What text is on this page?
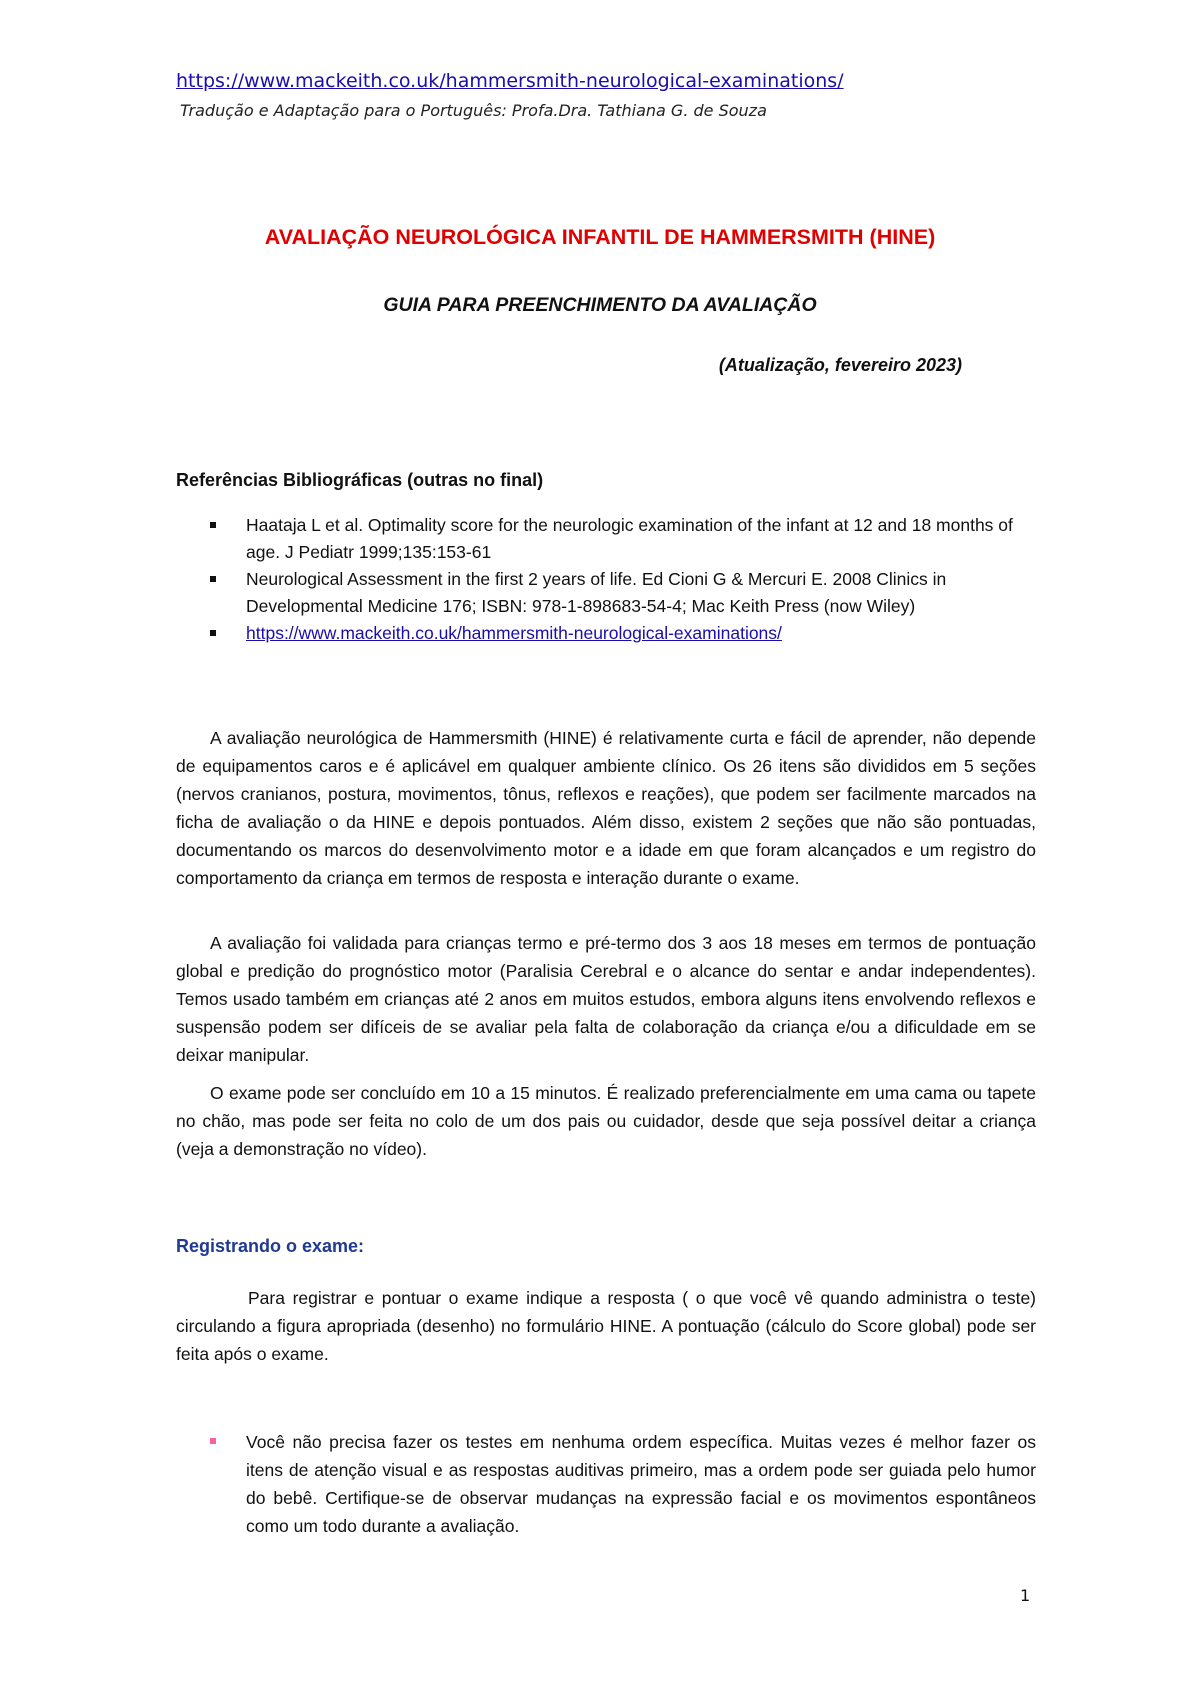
https://www.mackeith.co.uk/hammersmith-neurological-examinations/
Tradução e Adaptação para o Português: Profa.Dra. Tathiana G. de Souza
AVALIAÇÃO NEUROLÓGICA INFANTIL DE HAMMERSMITH (HINE)
GUIA PARA PREENCHIMENTO DA AVALIAÇÃO
(Atualização, fevereiro 2023)
Referências Bibliográficas (outras no final)
Haataja L et al. Optimality score for the neurologic examination of the infant at 12 and 18 months of age. J Pediatr 1999;135:153-61
Neurological Assessment in the first 2 years of life. Ed Cioni G & Mercuri E. 2008 Clinics in Developmental Medicine 176; ISBN: 978-1-898683-54-4; Mac Keith Press (now Wiley)
https://www.mackeith.co.uk/hammersmith-neurological-examinations/

A avaliação neurológica de Hammersmith (HINE) é relativamente curta e fácil de aprender, não depende de equipamentos caros e é aplicável em qualquer ambiente clínico. Os 26 itens são divididos em 5 seções (nervos cranianos, postura, movimentos, tônus, reflexos e reações), que podem ser facilmente marcados na ficha de avaliação o da HINE e depois pontuados. Além disso, existem 2 seções que não são pontuadas, documentando os marcos do desenvolvimento motor e a idade em que foram alcançados e um registro do comportamento da criança em termos de resposta e interação durante o exame.

A avaliação foi validada para crianças termo e pré-termo dos 3 aos 18 meses em termos de pontuação global e predição do prognóstico motor (Paralisia Cerebral e o alcance do sentar e andar independentes). Temos usado também em crianças até 2 anos em muitos estudos, embora alguns itens envolvendo reflexos e suspensão podem ser difíceis de se avaliar pela falta de colaboração da criança e/ou a dificuldade em se deixar manipular.

O exame pode ser concluído em 10 a 15 minutos. É realizado preferencialmente em uma cama ou tapete no chão, mas pode ser feita no colo de um dos pais ou cuidador, desde que seja possível deitar a criança (veja a demonstração no vídeo).

Registrando o exame:

Para registrar e pontuar o exame indique a resposta ( o que você vê quando administra o teste) circulando a figura apropriada (desenho) no formulário HINE. A pontuação (cálculo do Score global) pode ser feita após o exame.

Você não precisa fazer os testes em nenhuma ordem específica. Muitas vezes é melhor fazer os itens de atenção visual e as respostas auditivas primeiro, mas a ordem pode ser guiada pelo humor do bebê. Certifique-se de observar mudanças na expressão facial e os movimentos espontâneos como um todo durante a avaliação.
1
